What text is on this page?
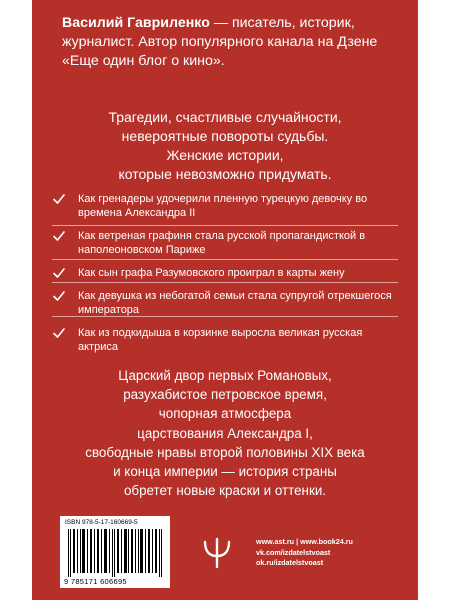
Василий Гавриленко — писатель, историк, журналист. Автор популярного канала на Дзене «Еще один блог о кино».
Трагедии, счастливые случайности,
невероятные повороты судьбы.
Женские истории,
которые невозможно придумать.
Как гренадеры удочерили пленную турецкую девочку во времена Александра II
Как ветреная графиня стала русской пропагандисткой в наполеоновском Париже
Как сын графа Разумовского проиграл в карты жену
Как девушка из небогатой семьи стала супругой отрекшегося императора
Как из подкидыша в корзинке выросла великая русская актриса
Царский двор первых Романовых,
разухабистое петровское время,
чопорная атмосфера
царствования Александра I,
свободные нравы второй половины XIX века
и конца империи — история страны
обретет новые краски и оттенки.
ISBN 978-5-17-160669-5
9 785171 606695
www.ast.ru | www.book24.ru
vk.com/izdatelstvoast
ok.ru/izdatelstvoast
